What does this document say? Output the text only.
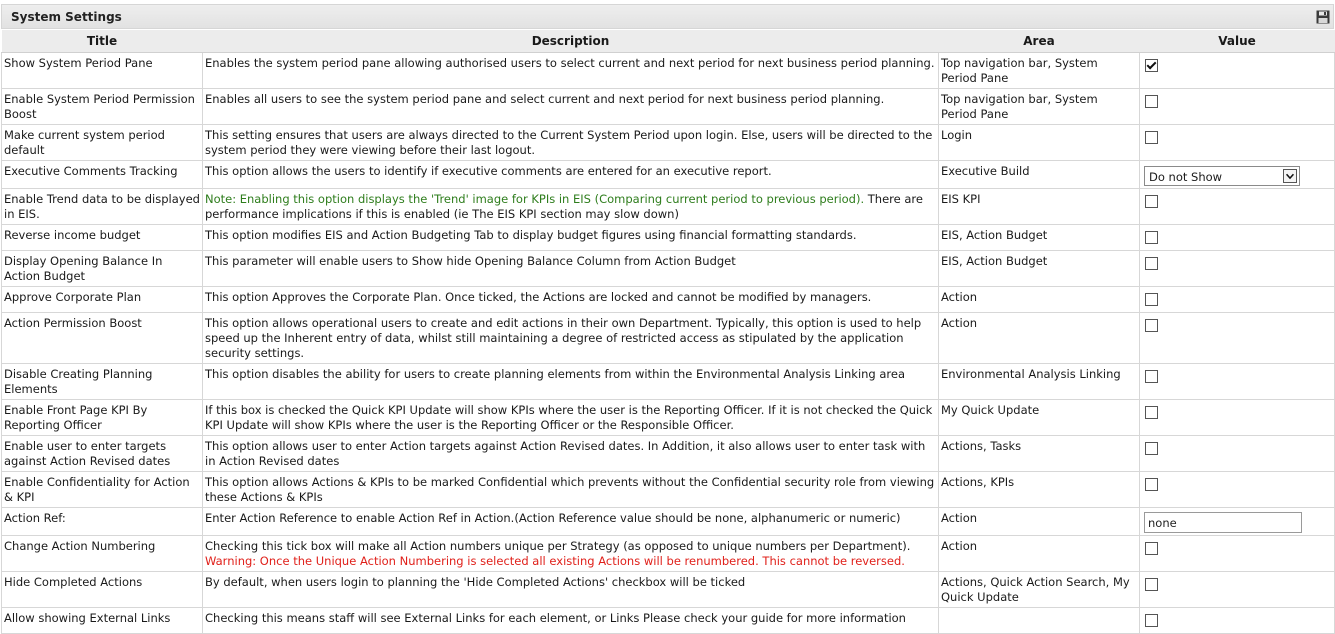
System Settings
Title	Description	Area	Value
Show System Period Pane	Enables the system period pane allowing authorised users to select current and next period for next business period planning.	Top navigation bar, System Period Pane	
Enable System Period Permission Boost	Enables all users to see the system period pane and select current and next period for next business period planning.	Top navigation bar, System Period Pane	
Make current system period default	This setting ensures that users are always directed to the Current System Period upon login. Else, users will be directed to the system period they were viewing before their last logout.	Login	
Executive Comments Tracking	This option allows the users to identify if executive comments are entered for an executive report.	Executive Build	Do not Show

Enable Trend data to be displayed in EIS.	Note: Enabling this option displays the 'Trend' image for KPIs in EIS (Comparing current period to previous period). There are performance implications if this is enabled (ie The EIS KPI section may slow down)	EIS KPI	
Reverse income budget	This option modifies EIS and Action Budgeting Tab to display budget figures using financial formatting standards.	EIS, Action Budget	
Display Opening Balance In Action Budget	This parameter will enable users to Show hide Opening Balance Column from Action Budget	EIS, Action Budget	
Approve Corporate Plan	This option Approves the Corporate Plan. Once ticked, the Actions are locked and cannot be modified by managers.	Action	
Action Permission Boost	This option allows operational users to create and edit actions in their own Department. Typically, this option is used to help speed up the Inherent entry of data, whilst still maintaining a degree of restricted access as stipulated by the application security settings.	Action	
Disable Creating Planning Elements	This option disables the ability for users to create planning elements from within the Environmental Analysis Linking area	Environmental Analysis Linking	
Enable Front Page KPI By Reporting Officer	If this box is checked the Quick KPI Update will show KPIs where the user is the Reporting Officer. If it is not checked the Quick KPI Update will show KPIs where the user is the Reporting Officer or the Responsible Officer.	My Quick Update	
Enable user to enter targets against Action Revised dates	This option allows user to enter Action targets against Action Revised dates. In Addition, it also allows user to enter task with in Action Revised dates	Actions, Tasks	
Enable Confidentiality for Action & KPI	This option allows Actions & KPIs to be marked Confidential which prevents without the Confidential security role from viewing these Actions & KPIs	Actions, KPIs	
Action Ref:	Enter Action Reference to enable Action Ref in Action.(Action Reference value should be none, alphanumeric or numeric)	Action	none
Change Action Numbering	Checking this tick box will make all Action numbers unique per Strategy (as opposed to unique numbers per Department). Warning: Once the Unique Action Numbering is selected all existing Actions will be renumbered. This cannot be reversed.	Action	
Hide Completed Actions	By default, when users login to planning the 'Hide Completed Actions' checkbox will be ticked	Actions, Quick Action Search, My Quick Update	
Allow showing External Links	Checking this means staff will see External Links for each element, or Links Please check your guide for more information		
